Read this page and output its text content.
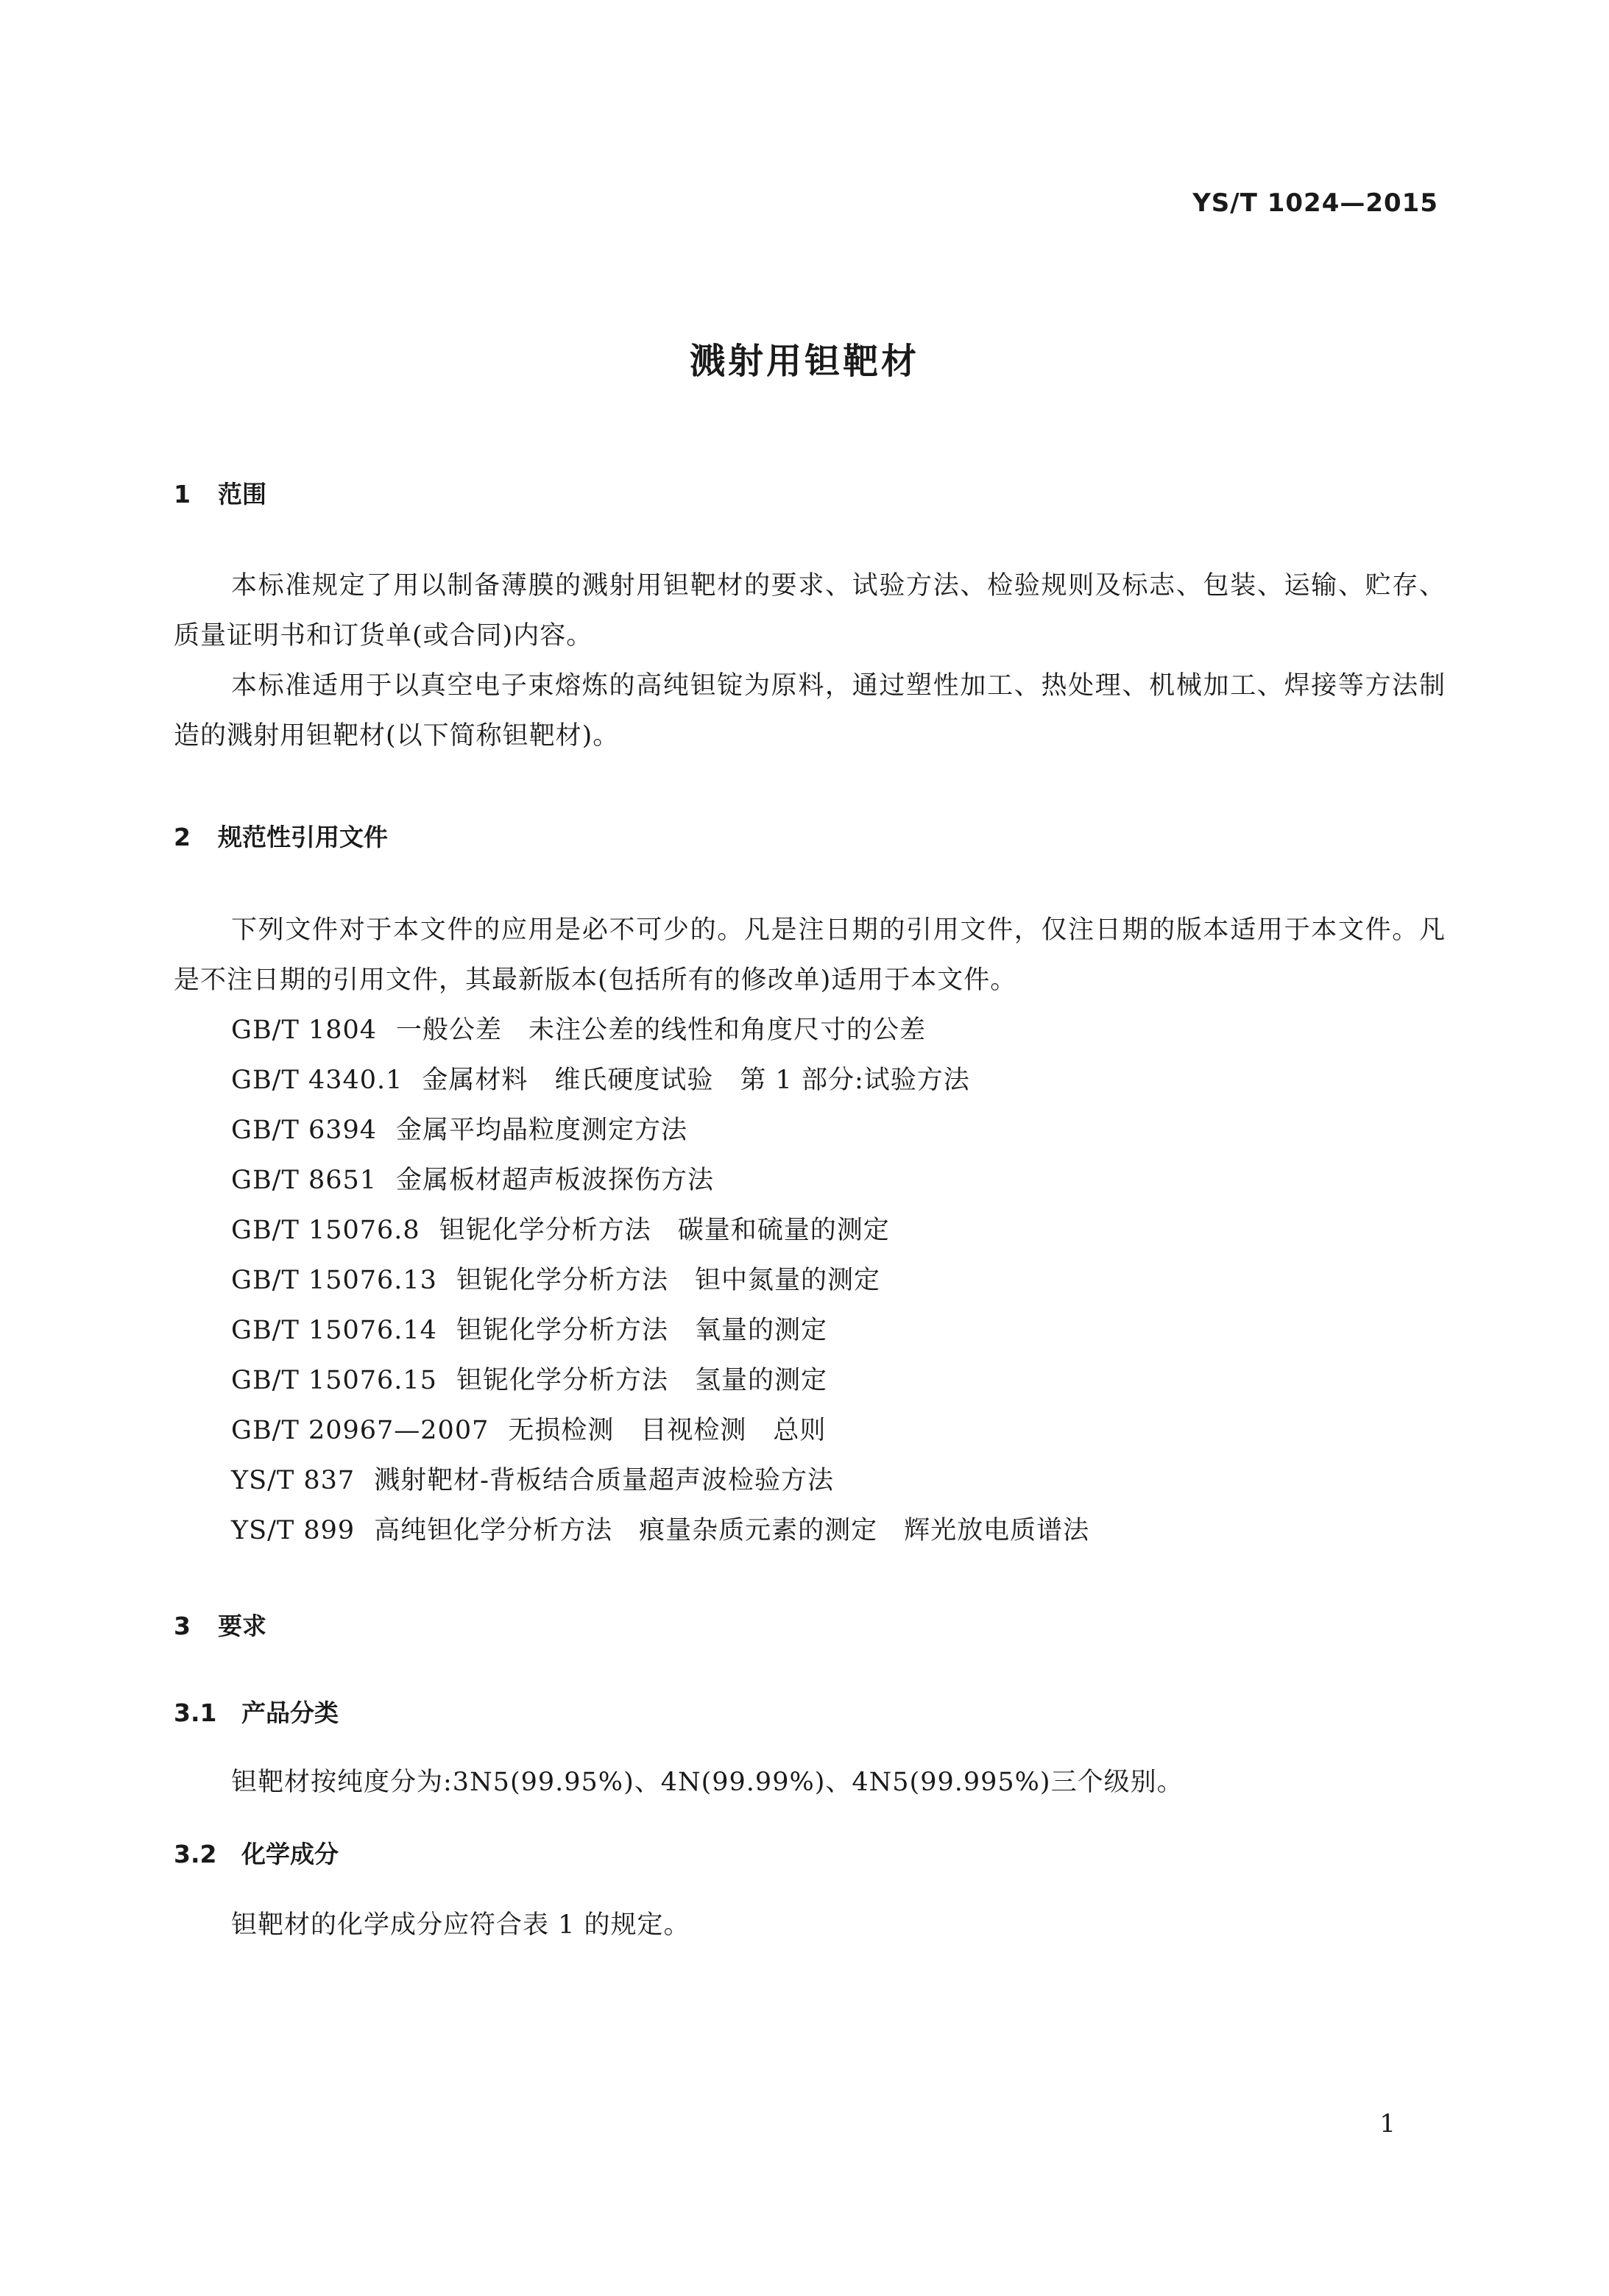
YS/T 1024—2015
溅射用钽靶材
1 范围

本标准规定了用以制备薄膜的溅射用钽靶材的要求、试验方法、检验规则及标志、包装、运输、贮存、质量证明书和订货单(或合同)内容。

本标准适用于以真空电子束熔炼的高纯钽锭为原料，通过塑性加工、热处理、机械加工、焊接等方法制造的溅射用钽靶材(以下简称钽靶材)。

2 规范性引用文件

下列文件对于本文件的应用是必不可少的。凡是注日期的引用文件，仅注日期的版本适用于本文件。凡是不注日期的引用文件，其最新版本(包括所有的修改单)适用于本文件。

GB/T 1804 一般公差　未注公差的线性和角度尺寸的公差
GB/T 4340.1 金属材料　维氏硬度试验　第 1 部分:试验方法
GB/T 6394 金属平均晶粒度测定方法
GB/T 8651 金属板材超声板波探伤方法
GB/T 15076.8 钽铌化学分析方法　碳量和硫量的测定
GB/T 15076.13 钽铌化学分析方法　钽中氮量的测定
GB/T 15076.14 钽铌化学分析方法　氧量的测定
GB/T 15076.15 钽铌化学分析方法　氢量的测定
GB/T 20967—2007 无损检测　目视检测　总则
YS/T 837 溅射靶材-背板结合质量超声波检验方法
YS/T 899 高纯钽化学分析方法　痕量杂质元素的测定　辉光放电质谱法
3 要求
3.1 产品分类

钽靶材按纯度分为:3N5(99.95%)、4N(99.99%)、4N5(99.995%)三个级别。

3.2 化学成分

钽靶材的化学成分应符合表 1 的规定。

1
